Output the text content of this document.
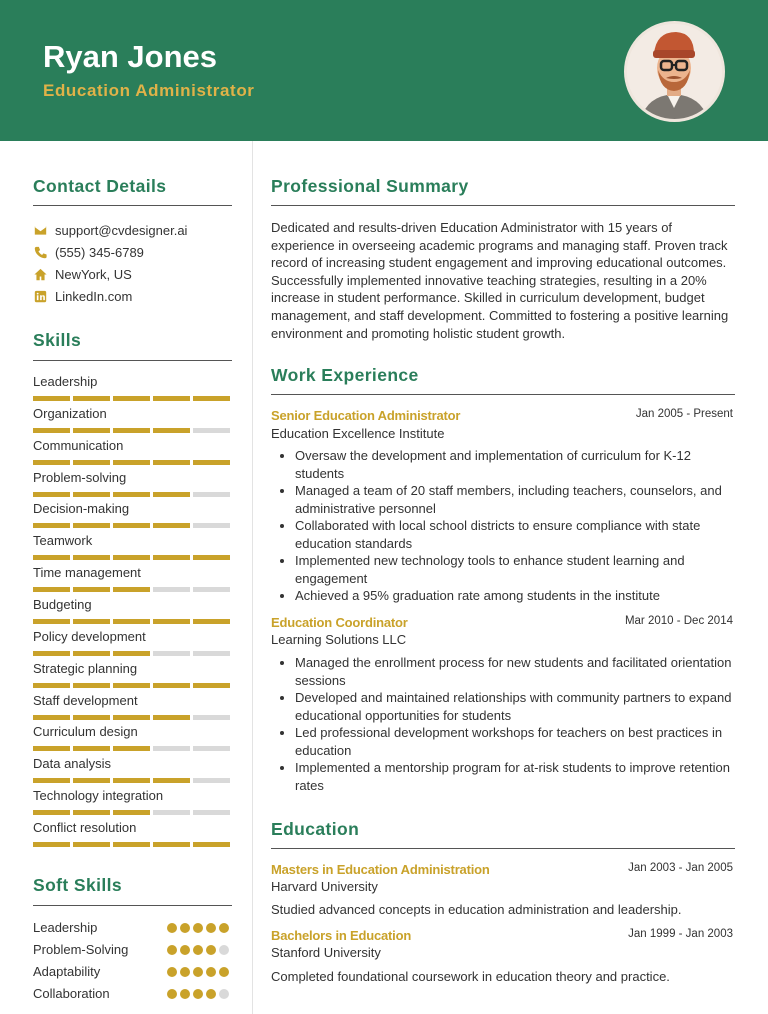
Ryan Jones
Education Administrator
Contact Details
support@cvdesigner.ai
(555) 345-6789
NewYork, US
LinkedIn.com
Skills
Leadership
Organization
Communication
Problem-solving
Decision-making
Teamwork
Time management
Budgeting
Policy development
Strategic planning
Staff development
Curriculum design
Data analysis
Technology integration
Conflict resolution
Soft Skills
Leadership
Problem-Solving
Adaptability
Collaboration
Professional Summary
Dedicated and results-driven Education Administrator with 15 years of experience in overseeing academic programs and managing staff. Proven track record of increasing student engagement and improving educational outcomes. Successfully implemented innovative teaching strategies, resulting in a 20% increase in student performance. Skilled in curriculum development, budget management, and staff development. Committed to fostering a positive learning environment and promoting holistic student growth.
Work Experience
Senior Education Administrator	Jan 2005 - Present
Education Excellence Institute
Oversaw the development and implementation of curriculum for K-12 students
Managed a team of 20 staff members, including teachers, counselors, and administrative personnel
Collaborated with local school districts to ensure compliance with state education standards
Implemented new technology tools to enhance student learning and engagement
Achieved a 95% graduation rate among students in the institute
Education Coordinator	Mar 2010 - Dec 2014
Learning Solutions LLC
Managed the enrollment process for new students and facilitated orientation sessions
Developed and maintained relationships with community partners to expand educational opportunities for students
Led professional development workshops for teachers on best practices in education
Implemented a mentorship program for at-risk students to improve retention rates
Education
Masters in Education Administration	Jan 2003 - Jan 2005
Harvard University
Studied advanced concepts in education administration and leadership.
Bachelors in Education	Jan 1999 - Jan 2003
Stanford University
Completed foundational coursework in education theory and practice.
